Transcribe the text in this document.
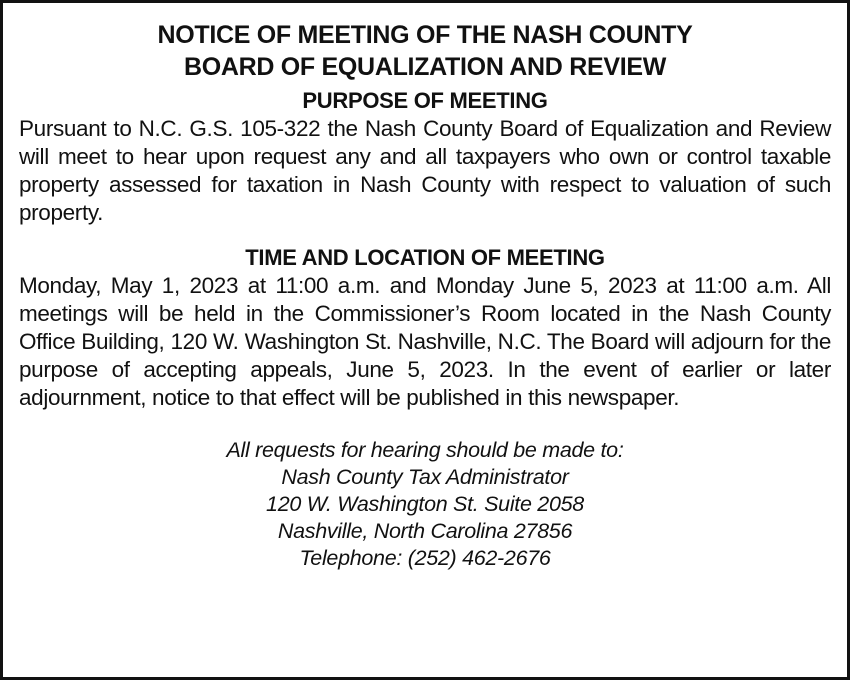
NOTICE OF MEETING OF THE NASH COUNTY
BOARD OF EQUALIZATION AND REVIEW
PURPOSE OF MEETING

Pursuant to N.C. G.S. 105-322 the Nash County Board of Equalization and Review will meet to hear upon request any and all taxpayers who own or control taxable property assessed for taxation in Nash County with respect to valuation of such property.

TIME AND LOCATION OF MEETING

Monday, May 1, 2023 at 11:00 a.m. and Monday June 5, 2023 at 11:00 a.m. All meetings will be held in the Commissioner’s Room located in the Nash County Office Building, 120 W. Washington St. Nashville, N.C. The Board will adjourn for the purpose of accepting appeals, June 5, 2023. In the event of earlier or later adjournment, notice to that effect will be published in this newspaper.

All requests for hearing should be made to:
Nash County Tax Administrator
120 W. Washington St. Suite 2058
Nashville, North Carolina 27856
Telephone: (252) 462-2676
